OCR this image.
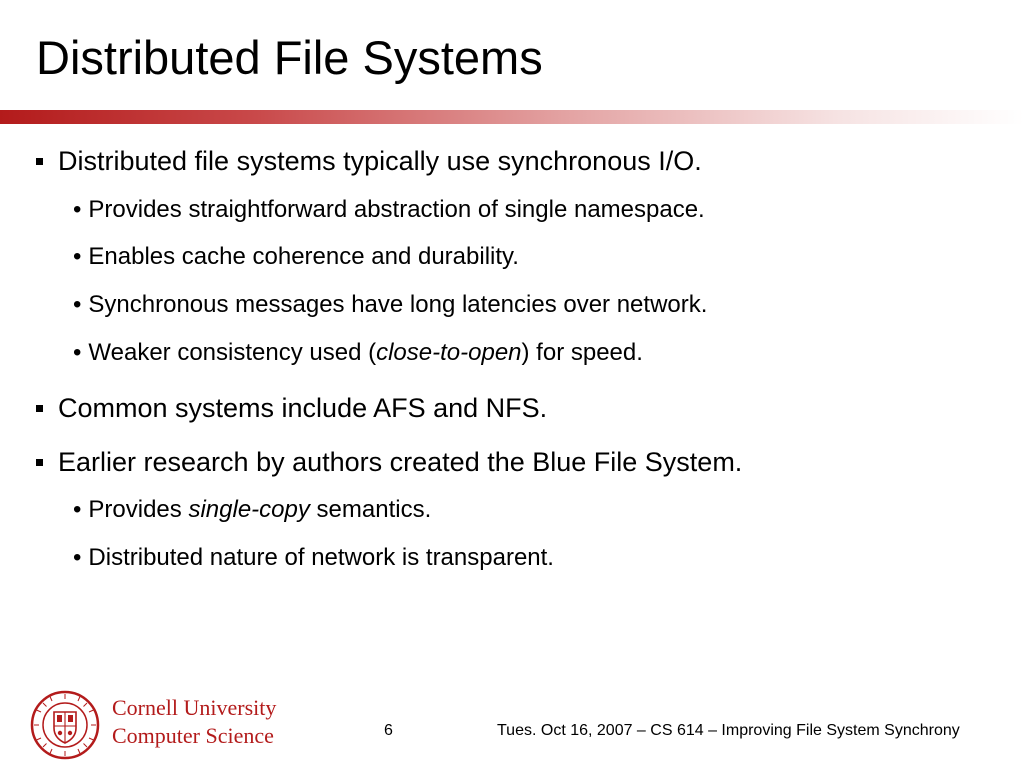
Distributed File Systems
Distributed file systems typically use synchronous I/O.
• Provides straightforward abstraction of single namespace.
• Enables cache coherence and durability.
• Synchronous messages have long latencies over network.
• Weaker consistency used (close-to-open) for speed.
Common systems include AFS and NFS.
Earlier research by authors created the Blue File System.
• Provides single-copy semantics.
• Distributed nature of network is transparent.
Cornell University
Computer Science	6	Tues. Oct 16, 2007 – CS 614 – Improving File System Synchrony
